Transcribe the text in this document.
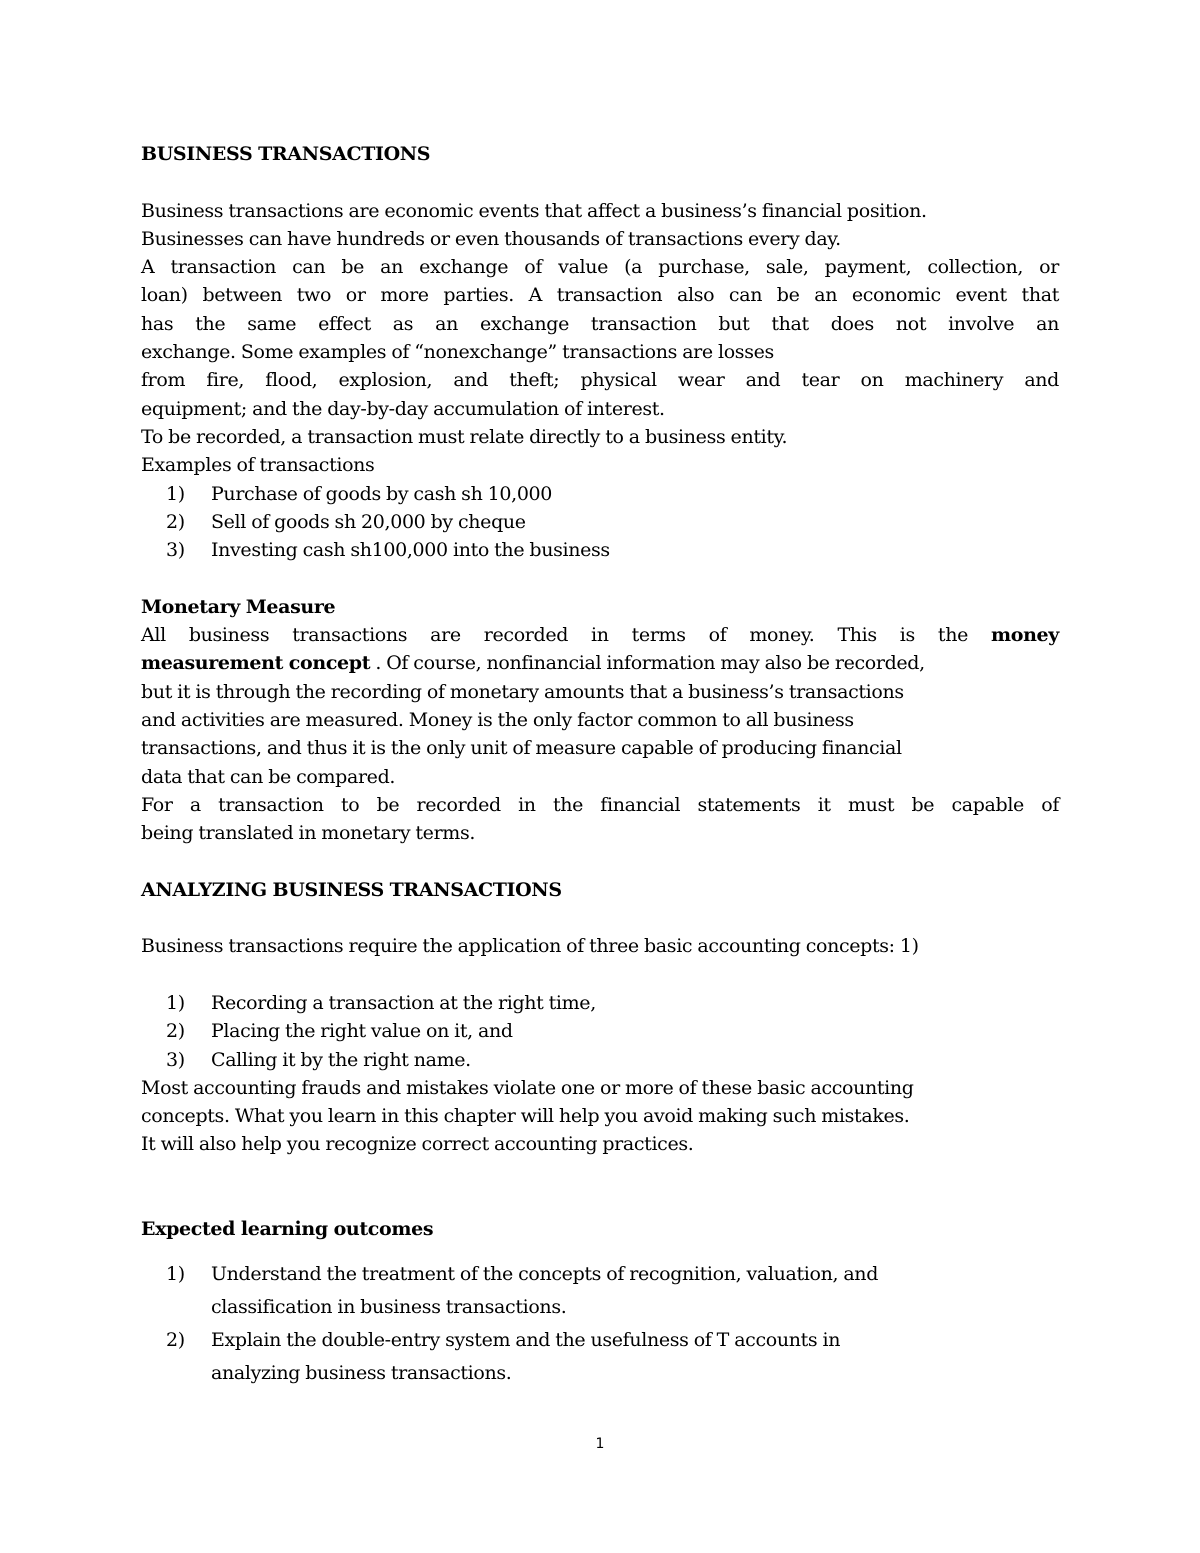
BUSINESS TRANSACTIONS
Business transactions are economic events that affect a business’s financial position.
Businesses can have hundreds or even thousands of transactions every day.
A transaction can be an exchange of value (a purchase, sale, payment, collection, or
loan) between two or more parties. A transaction also can be an economic event that
has the same effect as an exchange transaction but that does not involve an
exchange. Some examples of “nonexchange” transactions are losses
from fire, flood, explosion, and theft; physical wear and tear on machinery and
equipment; and the day-by-day accumulation of interest.
To be recorded, a transaction must relate directly to a business entity.
Examples of transactions
1)	Purchase of goods by cash sh 10,000
2)	Sell of goods sh 20,000 by cheque
3)	Investing cash sh100,000 into the business
Monetary Measure
All business transactions are recorded in terms of money. This is the money
measurement concept . Of course, nonfinancial information may also be recorded,
but it is through the recording of monetary amounts that a business’s transactions
and activities are measured. Money is the only factor common to all business
transactions, and thus it is the only unit of measure capable of producing financial
data that can be compared.
For a transaction to be recorded in the financial statements it must be capable of
being translated in monetary terms.
ANALYZING BUSINESS TRANSACTIONS
Business transactions require the application of three basic accounting concepts: 1)
1)	Recording a transaction at the right time,
2)	Placing the right value on it, and
3)	Calling it by the right name.
Most accounting frauds and mistakes violate one or more of these basic accounting
concepts. What you learn in this chapter will help you avoid making such mistakes.
It will also help you recognize correct accounting practices.
Expected learning outcomes
1)	Understand the treatment of the concepts of recognition, valuation, and
classification in business transactions.
2)	Explain the double-entry system and the usefulness of T accounts in
analyzing business transactions.
1
